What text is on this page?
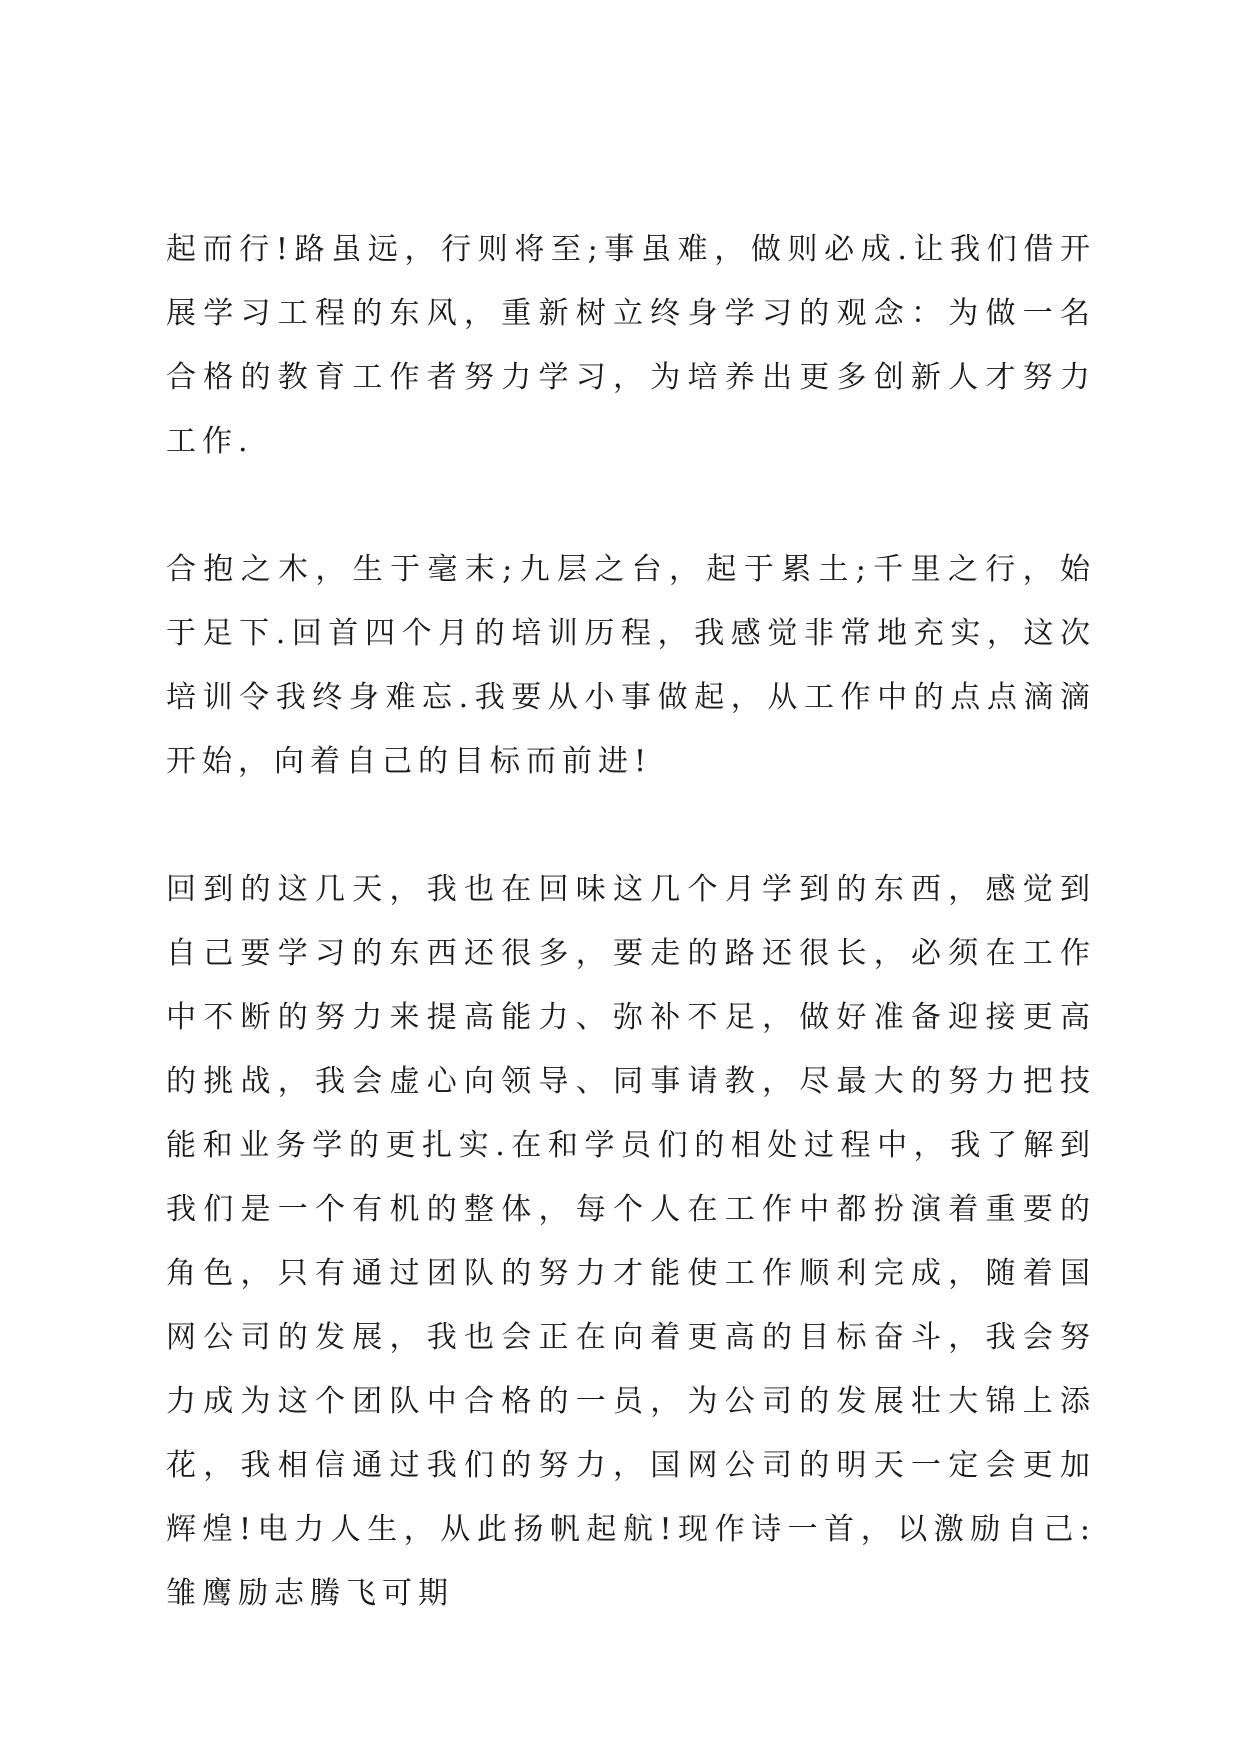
起而行!路虽远，行则将至;事虽难，做则必成.让我们借开展学习工程的东风，重新树立终身学习的观念：为做一名合格的教育工作者努力学习，为培养出更多创新人才努力工作.

合抱之木，生于毫末;九层之台，起于累土;千里之行，始于足下.回首四个月的培训历程，我感觉非常地充实，这次培训令我终身难忘.我要从小事做起，从工作中的点点滴滴开始，向着自己的目标而前进!

回到的这几天，我也在回味这几个月学到的东西，感觉到自己要学习的东西还很多，要走的路还很长，必须在工作中不断的努力来提高能力、弥补不足，做好准备迎接更高的挑战，我会虚心向领导、同事请教，尽最大的努力把技能和业务学的更扎实.在和学员们的相处过程中，我了解到我们是一个有机的整体，每个人在工作中都扮演着重要的角色，只有通过团队的努力才能使工作顺利完成，随着国网公司的发展，我也会正在向着更高的目标奋斗，我会努力成为这个团队中合格的一员，为公司的发展壮大锦上添花，我相信通过我们的努力，国网公司的明天一定会更加辉煌!电力人生，从此扬帆起航!现作诗一首，以激励自己:雏鹰励志腾飞可期
